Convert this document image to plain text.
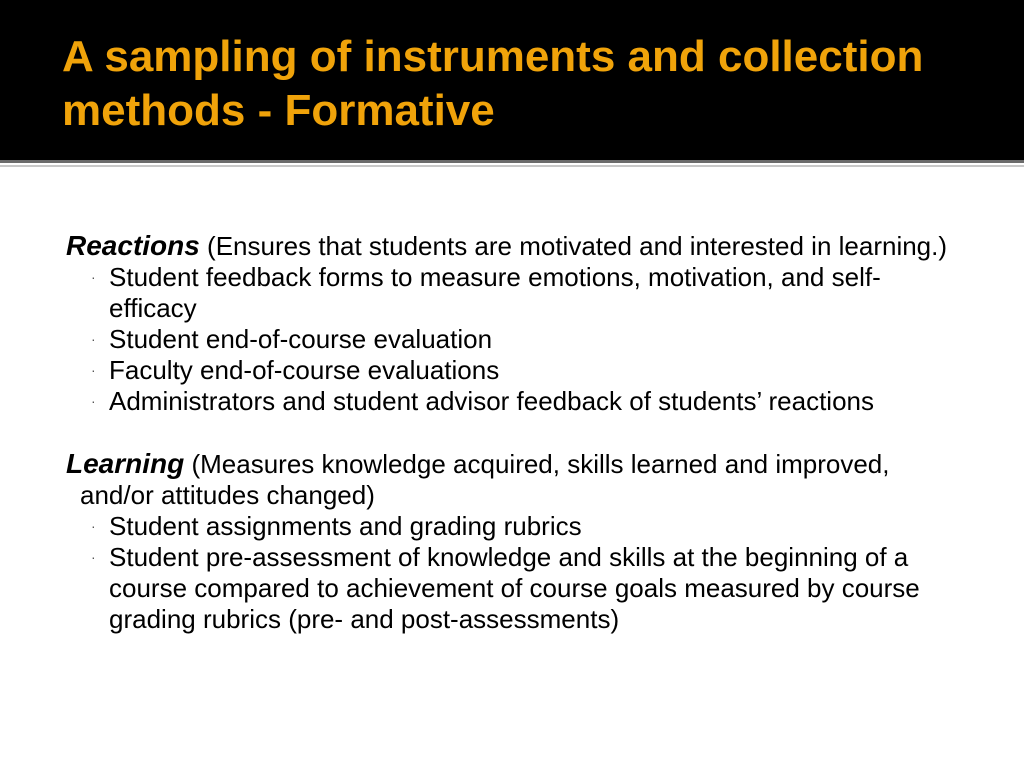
A sampling of instruments and collection methods - Formative
Reactions (Ensures that students are motivated and interested in learning.)
· Student feedback forms to measure emotions, motivation, and self-efficacy
· Student end-of-course evaluation
· Faculty end-of-course evaluations
· Administrators and student advisor feedback of students’ reactions
Learning (Measures knowledge acquired, skills learned and improved, and/or attitudes changed)
· Student assignments and grading rubrics
· Student pre-assessment of knowledge and skills at the beginning of a course compared to achievement of course goals measured by course grading rubrics (pre- and post-assessments)
